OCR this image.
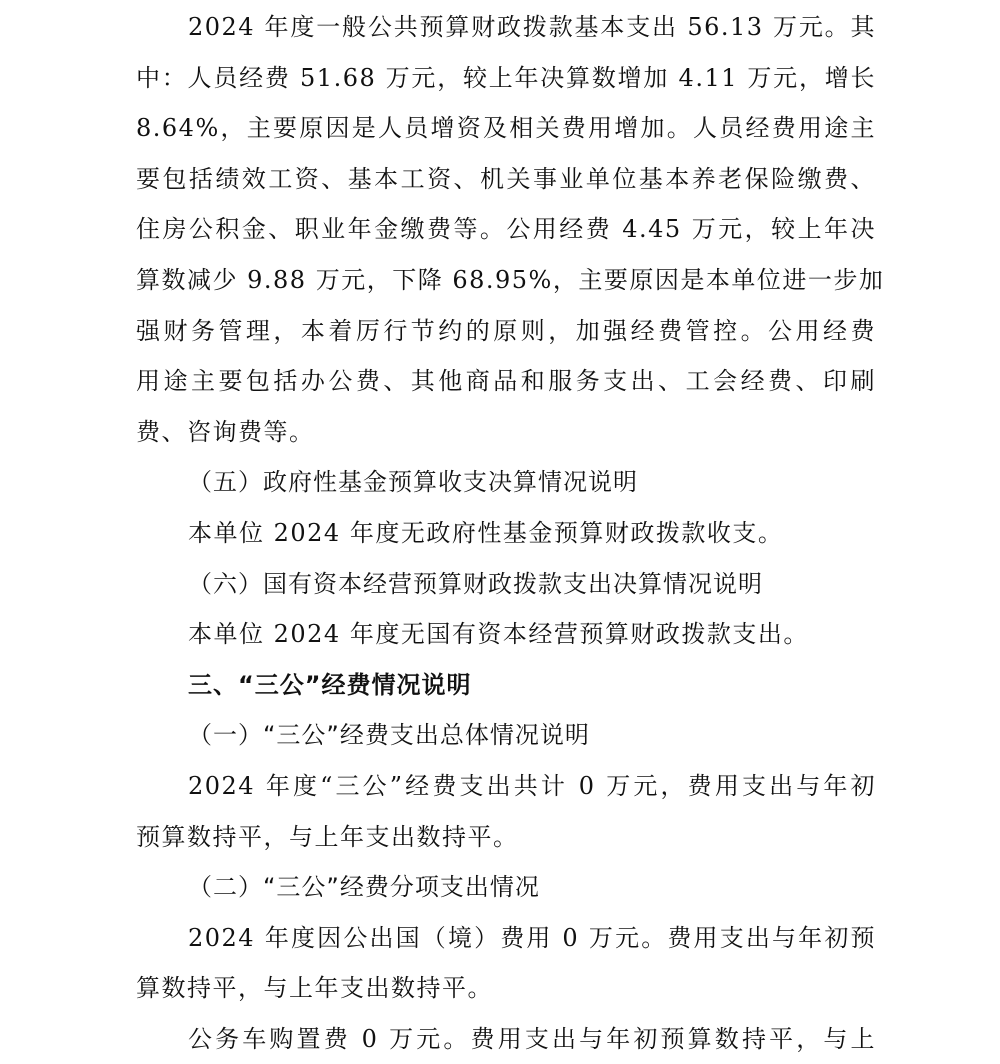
2024 年度一般公共预算财政拨款基本支出 56.13 万元。其
中：人员经费 51.68 万元，较上年决算数增加 4.11 万元，增长
8.64%，主要原因是人员增资及相关费用增加。人员经费用途主
要包括绩效工资、基本工资、机关事业单位基本养老保险缴费、
住房公积金、职业年金缴费等。公用经费 4.45 万元，较上年决
算数减少 9.88 万元，下降 68.95%，主要原因是本单位进一步加
强财务管理，本着厉行节约的原则，加强经费管控。公用经费
用途主要包括办公费、其他商品和服务支出、工会经费、印刷
费、咨询费等。
（五）政府性基金预算收支决算情况说明
本单位 2024 年度无政府性基金预算财政拨款收支。
（六）国有资本经营预算财政拨款支出决算情况说明
本单位 2024 年度无国有资本经营预算财政拨款支出。
三、“三公”经费情况说明
（一）“三公”经费支出总体情况说明
2024 年度“三公”经费支出共计 0 万元，费用支出与年初
预算数持平，与上年支出数持平。
（二）“三公”经费分项支出情况
2024 年度因公出国（境）费用 0 万元。费用支出与年初预
算数持平，与上年支出数持平。
公务车购置费 0 万元。费用支出与年初预算数持平，与上
